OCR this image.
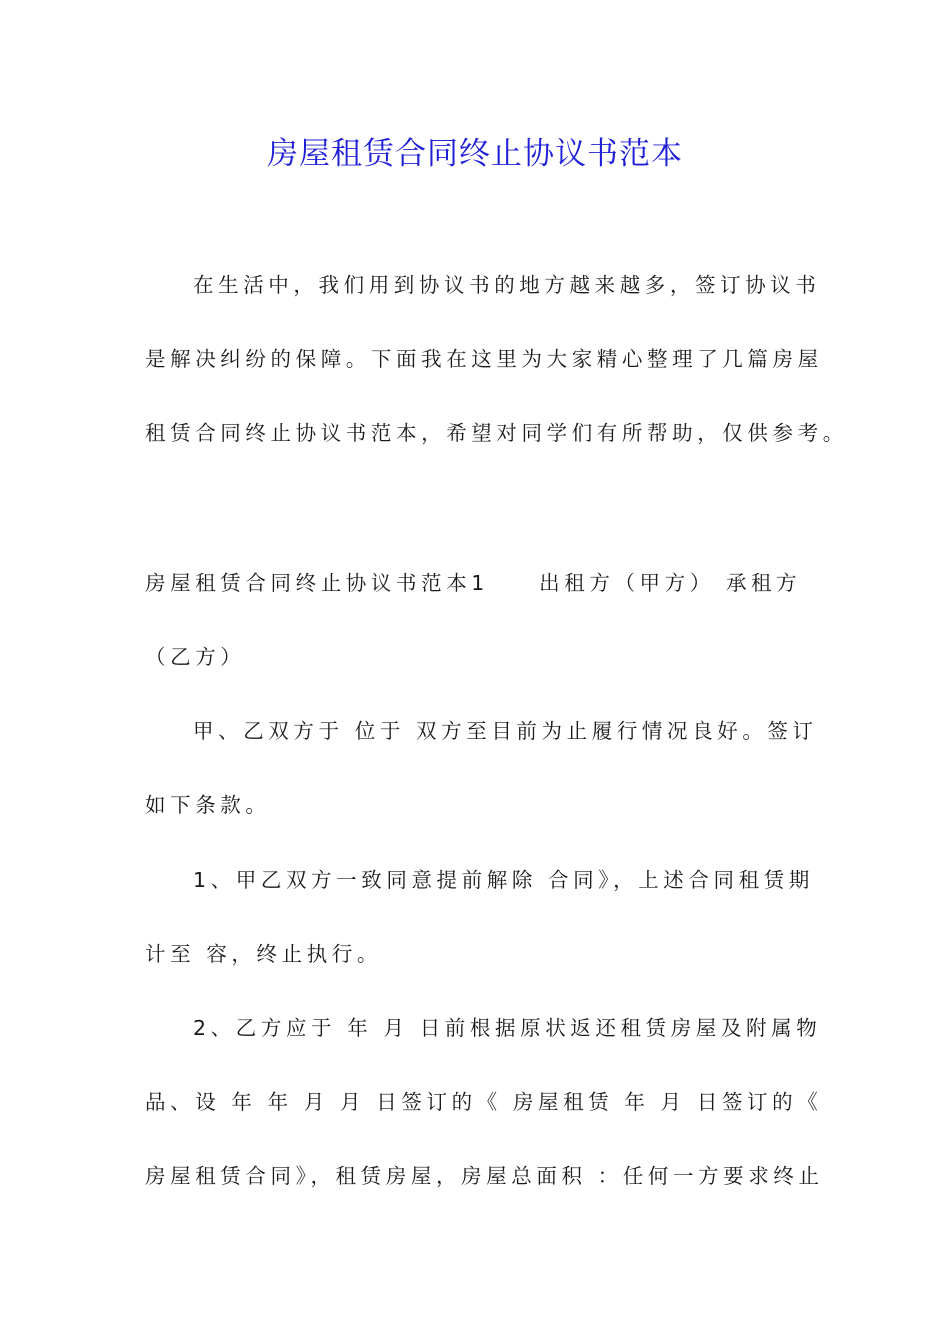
房屋租赁合同终止协议书范本
在生活中，我们用到协议书的地方越来越多，签订协议书
是解决纠纷的保障。下面我在这里为大家精心整理了几篇房屋
租赁合同终止协议书范本，希望对同学们有所帮助，仅供参考。
房屋租赁合同终止协议书范本1　　出租方（甲方） 承租方
（乙方）
甲、乙双方于 位于 双方至目前为止履行情况良好。签订
如下条款。
1、甲乙双方一致同意提前解除 合同》，上述合同租赁期
计至 容，终止执行。
2、乙方应于 年 月 日前根据原状返还租赁房屋及附属物
品、设 年 年 月 月 日签订的《 房屋租赁 年 月 日签订的《
房屋租赁合同》，租赁房屋，房屋总面积 ：任何一方要求终止
